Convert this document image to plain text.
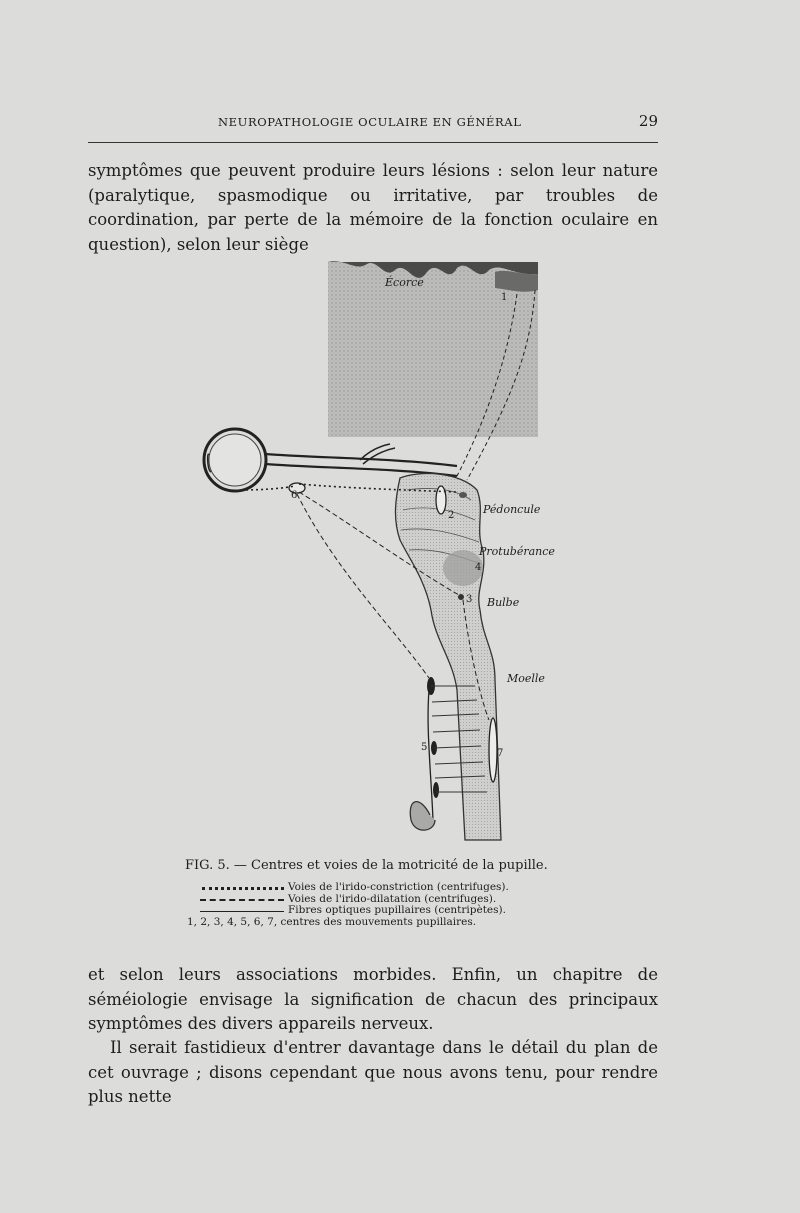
NEUROPATHOLOGIE OCULAIRE EN GÉNÉRAL	29

symptômes que peuvent produire leurs lésions : selon leur nature (paralytique, spasmodique ou irritative, par troubles de coordination, par perte de la mémoire de la fonction oculaire en question), selon leur siège

Écorce
1
6
2
3
4
7
5
Pédoncule
Protubérance
Bulbe
Moelle
FIG. 5. — Centres et voies de la motricité de la pupille.
Voies de l'irido-constriction (centrifuges).
Voies de l'irido-dilatation (centrifuges).
Fibres optiques pupillaires (centripètes).
1, 2, 3, 4, 5, 6, 7, centres des mouvements pupillaires.

et selon leurs associations morbides. Enfin, un chapitre de séméiologie envisage la signification de chacun des principaux symptômes des divers appareils nerveux.

Il serait fastidieux d'entrer davantage dans le détail du plan de cet ouvrage ; disons cependant que nous avons tenu, pour rendre plus nette
